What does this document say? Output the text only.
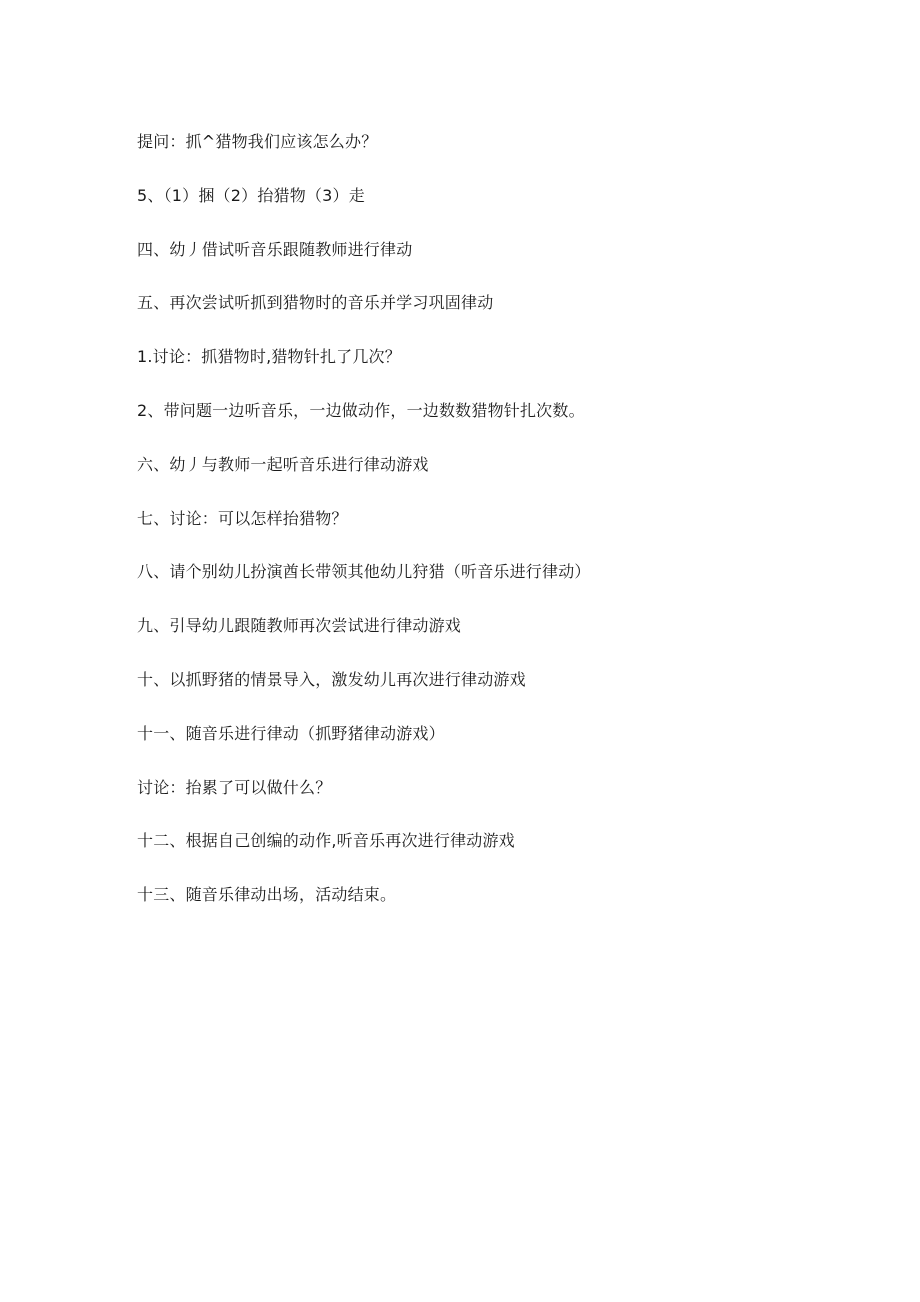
提问：抓^猎物我们应该怎么办？
5、（1）捆（2）抬猎物（3）走
四、幼丿借试听音乐跟随教师进行律动
五、再次尝试听抓到猎物时的音乐并学习巩固律动
1.讨论：抓猎物时,猎物针扎了几次？
2、带问题一边听音乐，一边做动作，一边数数猎物针扎次数。
六、幼丿与教师一起听音乐进行律动游戏
七、讨论：可以怎样抬猎物？
八、请个别幼儿扮演酋长带领其他幼儿狩猎（听音乐进行律动）
九、引导幼儿跟随教师再次尝试进行律动游戏
十、以抓野猪的情景导入，激发幼儿再次进行律动游戏
十一、随音乐进行律动（抓野猪律动游戏）
讨论：抬累了可以做什么？
十二、根据自己创编的动作,听音乐再次进行律动游戏
十三、随音乐律动出场，活动结束。
